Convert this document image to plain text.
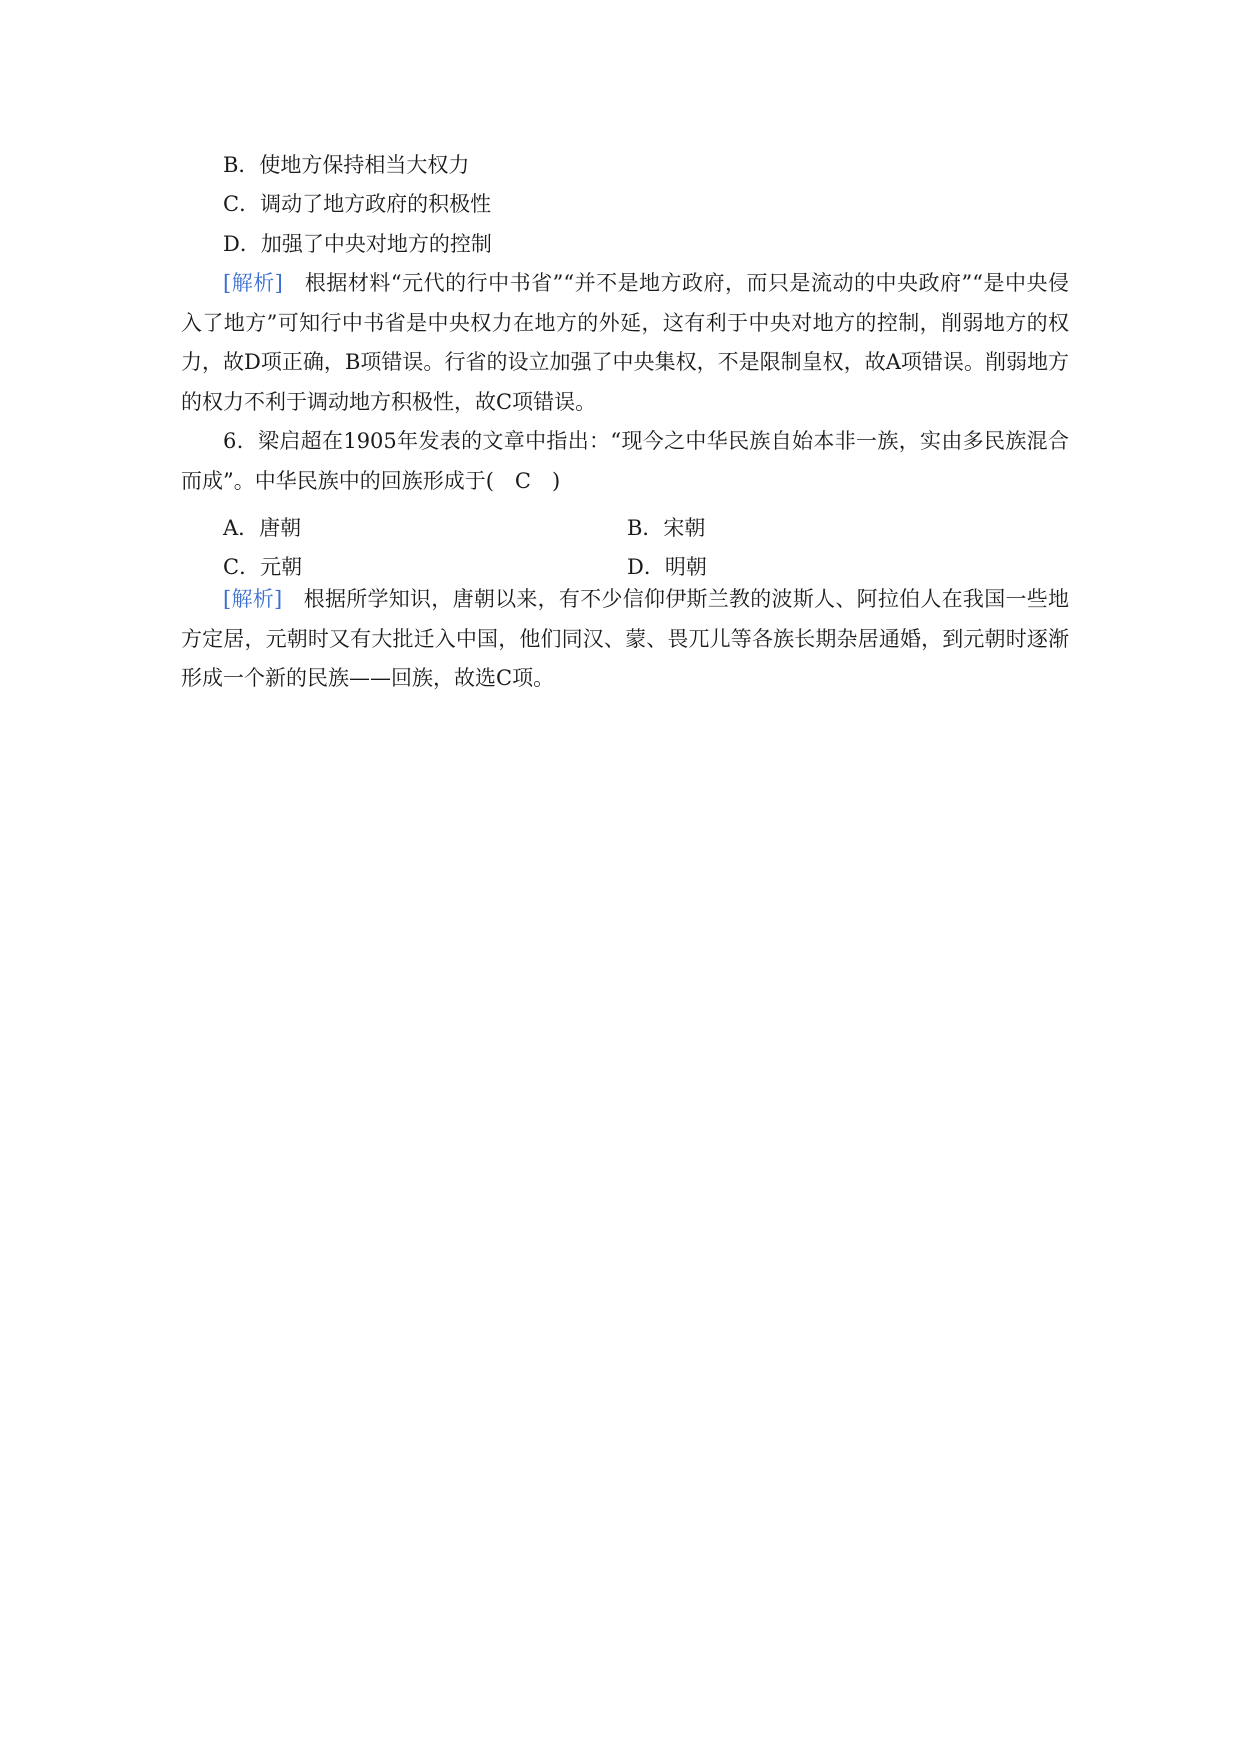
B．使地方保持相当大权力
C．调动了地方政府的积极性
D．加强了中央对地方的控制
[解析]　根据材料“元代的行中书省”“并不是地方政府，而只是流动的中央政府”“是中央侵入了地方”可知行中书省是中央权力在地方的外延，这有利于中央对地方的控制，削弱地方的权力，故D项正确，B项错误。行省的设立加强了中央集权，不是限制皇权，故A项错误。削弱地方的权力不利于调动地方积极性，故C项错误。
6．梁启超在1905年发表的文章中指出：“现今之中华民族自始本非一族，实由多民族混合而成”。中华民族中的回族形成于(　C　)
A．唐朝	B．宋朝
C．元朝	D．明朝
[解析]　根据所学知识，唐朝以来，有不少信仰伊斯兰教的波斯人、阿拉伯人在我国一些地方定居，元朝时又有大批迁入中国，他们同汉、蒙、畏兀儿等各族长期杂居通婚，到元朝时逐渐形成一个新的民族——回族，故选C项。
